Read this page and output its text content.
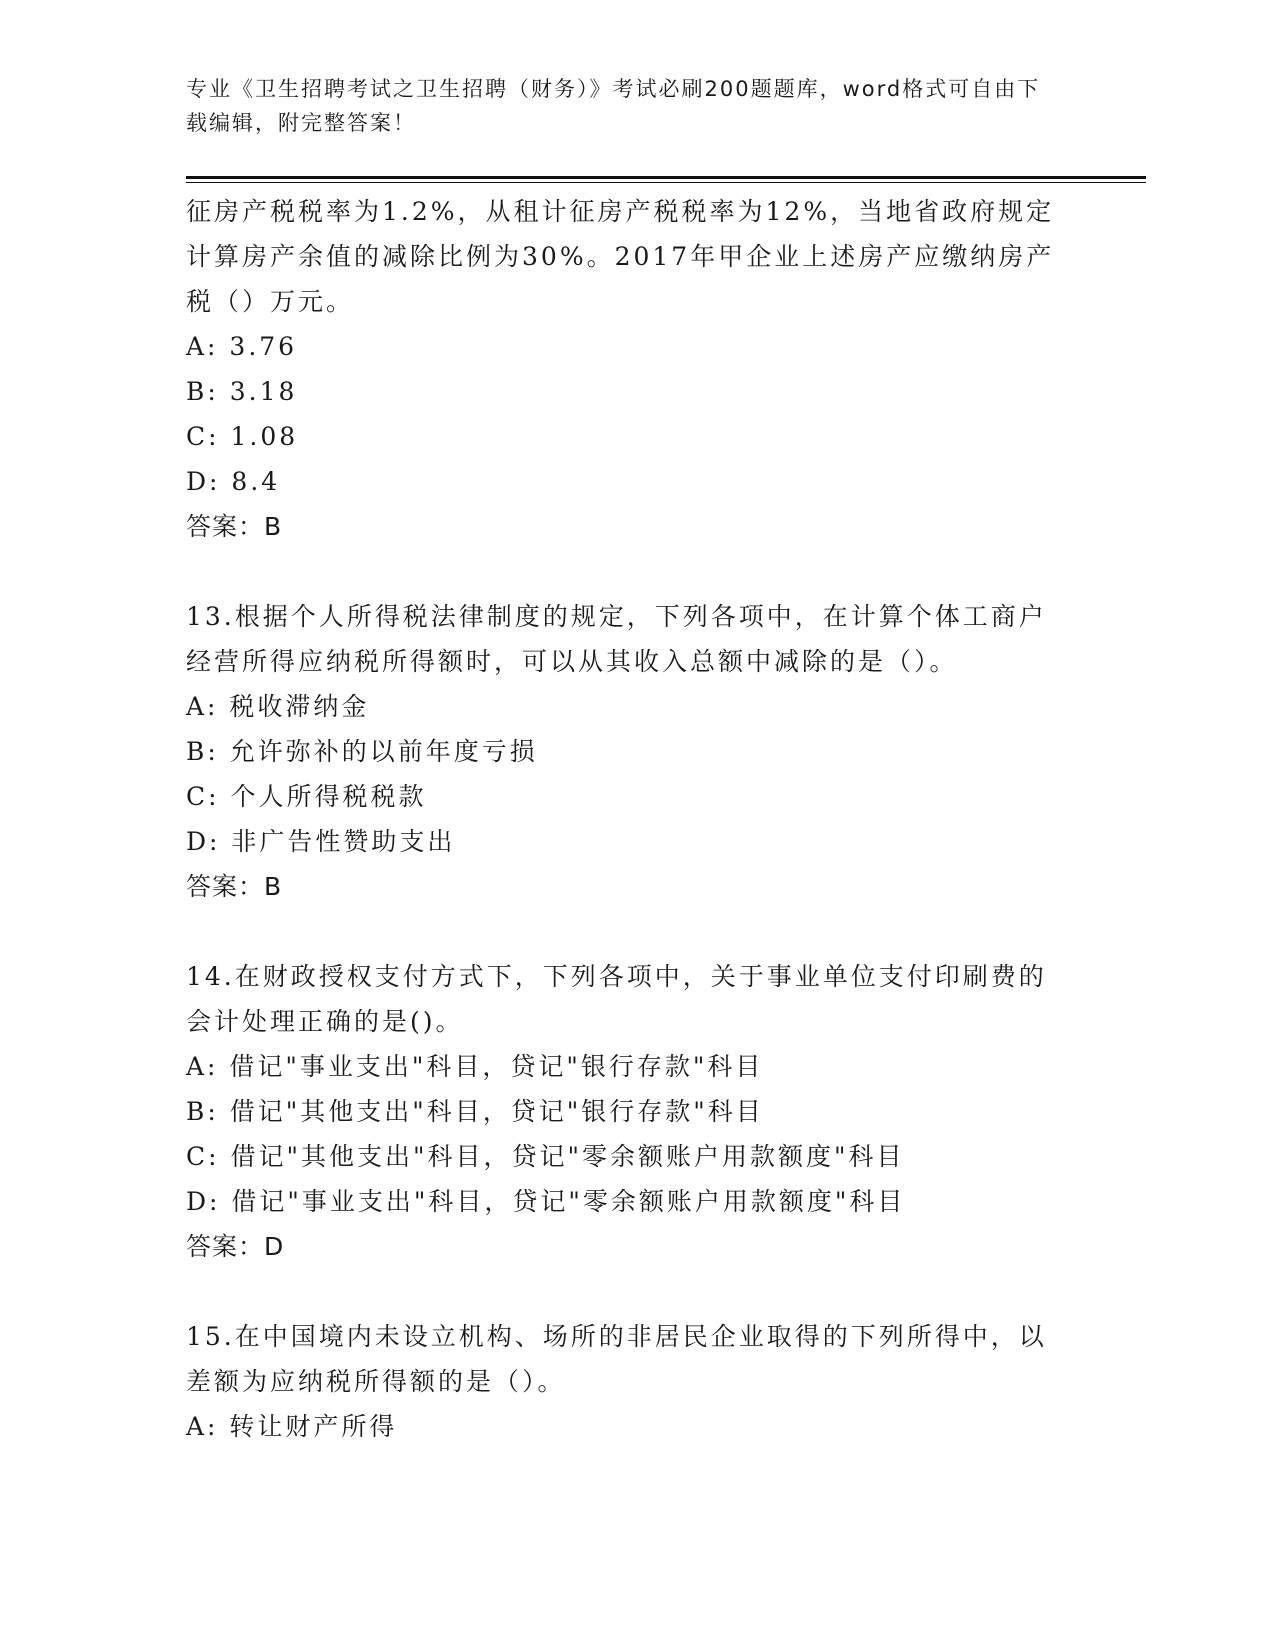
专业《卫生招聘考试之卫生招聘（财务）》考试必刷200题题库，word格式可自由下载编辑，附完整答案！

征房产税税率为1.2%，从租计征房产税税率为12%，当地省政府规定计算房产余值的减除比例为30%。2017年甲企业上述房产应缴纳房产税（）万元。

A: 3.76

B: 3.18

C: 1.08

D: 8.4

答案：B

13.根据个人所得税法律制度的规定，下列各项中，在计算个体工商户经营所得应纳税所得额时，可以从其收入总额中减除的是（）。

A: 税收滞纳金

B: 允许弥补的以前年度亏损

C: 个人所得税税款

D: 非广告性赞助支出

答案：B

14.在财政授权支付方式下，下列各项中，关于事业单位支付印刷费的会计处理正确的是()。

A: 借记"事业支出"科目，贷记"银行存款"科目

B: 借记"其他支出"科目，贷记"银行存款"科目

C: 借记"其他支出"科目，贷记"零余额账户用款额度"科目

D: 借记"事业支出"科目，贷记"零余额账户用款额度"科目

答案：D

15.在中国境内未设立机构、场所的非居民企业取得的下列所得中，以差额为应纳税所得额的是（）。

A: 转让财产所得
